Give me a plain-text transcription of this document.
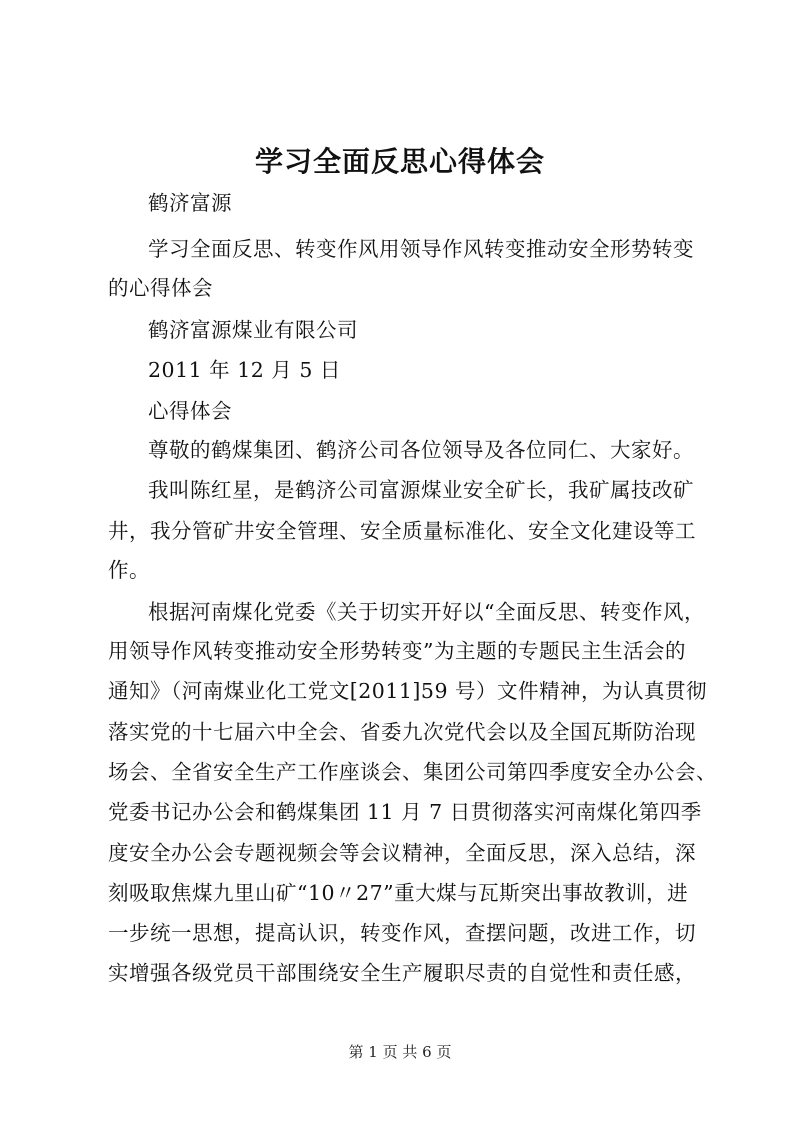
学习全面反思心得体会
鹤济富源
学习全面反思、转变作风用领导作风转变推动安全形势转变
的心得体会
鹤济富源煤业有限公司
2011 年 12 月 5 日
心得体会
尊敬的鹤煤集团、鹤济公司各位领导及各位同仁、大家好。
我叫陈红星，是鹤济公司富源煤业安全矿长，我矿属技改矿
井，我分管矿井安全管理、安全质量标准化、安全文化建设等工
作。
根据河南煤化党委《关于切实开好以“全面反思、转变作风，
用领导作风转变推动安全形势转变”为主题的专题民主生活会的
通知》（河南煤业化工党文[2011]59 号）文件精神，为认真贯彻
落实党的十七届六中全会、省委九次党代会以及全国瓦斯防治现
场会、全省安全生产工作座谈会、集团公司第四季度安全办公会、
党委书记办公会和鹤煤集团 11 月 7 日贯彻落实河南煤化第四季
度安全办公会专题视频会等会议精神，全面反思，深入总结，深
刻吸取焦煤九里山矿“10〃27”重大煤与瓦斯突出事故教训，进
一步统一思想，提高认识，转变作风，查摆问题，改进工作，切
实增强各级党员干部围绕安全生产履职尽责的自觉性和责任感，
第 1 页 共 6 页
